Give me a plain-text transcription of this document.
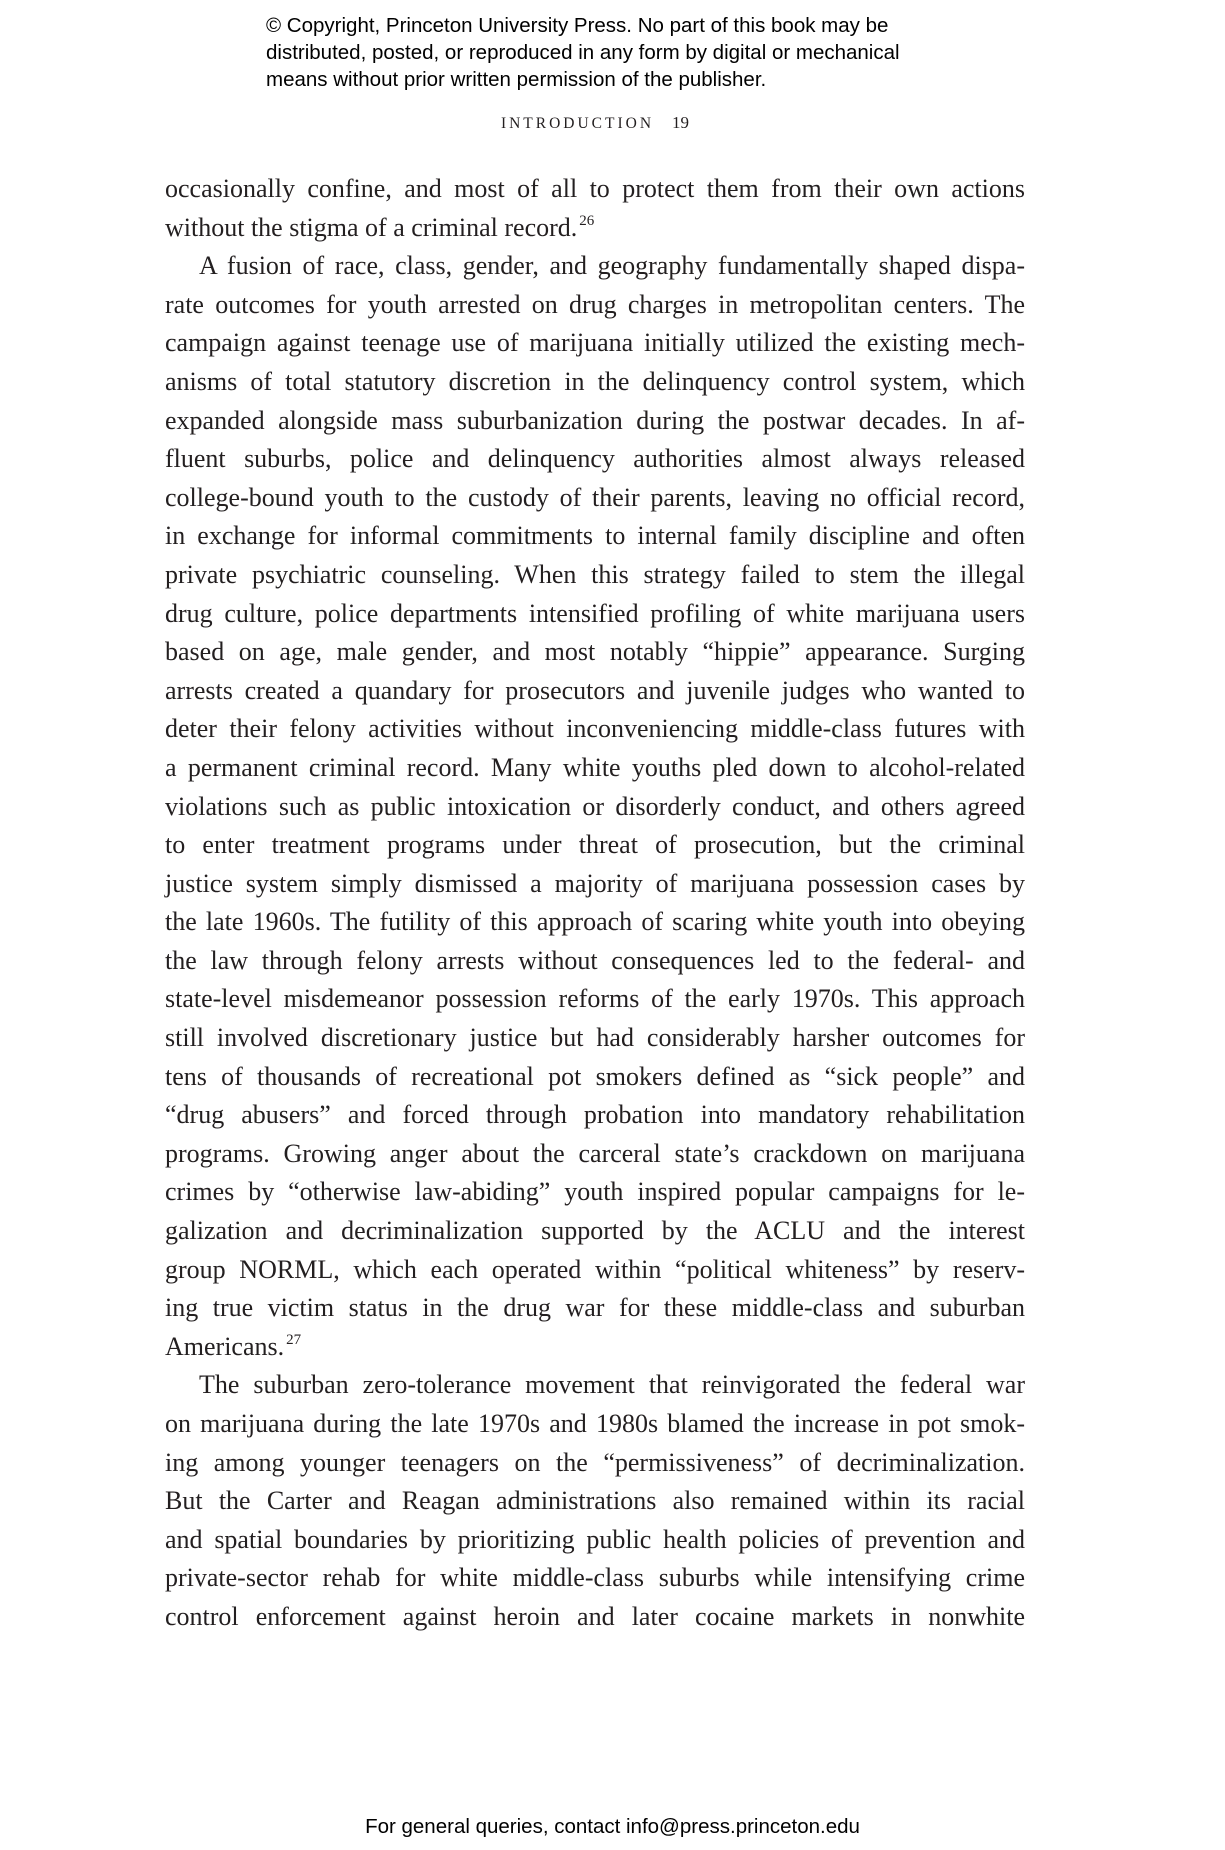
© Copyright, Princeton University Press. No part of this book may be
distributed, posted, or reproduced in any form by digital or mechanical
means without prior written permission of the publisher.
INTRODUCTION 19
occasionally confine, and most of all to protect them from their own actions
without the stigma of a criminal record. $^{26}$
A fusion of race, class, gender, and geography fundamentally shaped dispa-
rate outcomes for youth arrested on drug charges in metropolitan centers. The
campaign against teenage use of marijuana initially utilized the existing mech-
anisms of total statutory discretion in the delinquency control system, which
expanded alongside mass suburbanization during the postwar decades. In af-
fluent suburbs, police and delinquency authorities almost always released
college-bound youth to the custody of their parents, leaving no official record,
in exchange for informal commitments to internal family discipline and often
private psychiatric counseling. When this strategy failed to stem the illegal
drug culture, police departments intensified profiling of white marijuana users
based on age, male gender, and most notably “hippie” appearance. Surging
arrests created a quandary for prosecutors and juvenile judges who wanted to
deter their felony activities without inconveniencing middle-class futures with
a permanent criminal record. Many white youths pled down to alcohol-related
violations such as public intoxication or disorderly conduct, and others agreed
to enter treatment programs under threat of prosecution, but the criminal
justice system simply dismissed a majority of marijuana possession cases by
the late 1960s. The futility of this approach of scaring white youth into obeying
the law through felony arrests without consequences led to the federal- and
state-level misdemeanor possession reforms of the early 1970s. This approach
still involved discretionary justice but had considerably harsher outcomes for
tens of thousands of recreational pot smokers defined as “sick people” and
“drug abusers” and forced through probation into mandatory rehabilitation
programs. Growing anger about the carceral state’s crackdown on marijuana
crimes by “otherwise law-abiding” youth inspired popular campaigns for le-
galization and decriminalization supported by the ACLU and the interest
group NORML, which each operated within “political whiteness” by reserv-
ing true victim status in the drug war for these middle-class and suburban
Americans. $^{27}$
The suburban zero-tolerance movement that reinvigorated the federal war
on marijuana during the late 1970s and 1980s blamed the increase in pot smok-
ing among younger teenagers on the “permissiveness” of decriminalization.
But the Carter and Reagan administrations also remained within its racial
and spatial boundaries by prioritizing public health policies of prevention and
private-sector rehab for white middle-class suburbs while intensifying crime
control enforcement against heroin and later cocaine markets in nonwhite
For general queries, contact info@press.princeton.edu
